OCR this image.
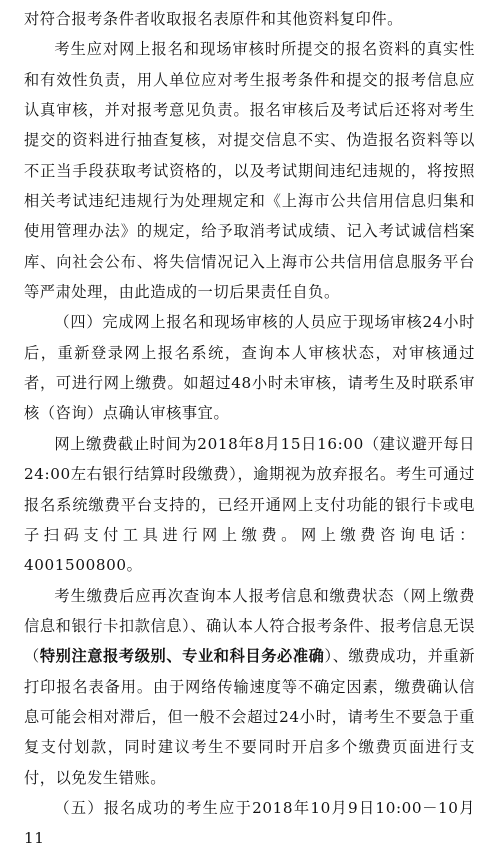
对符合报考条件者收取报名表原件和其他资料复印件。

考生应对网上报名和现场审核时所提交的报名资料的真实性和有效性负责，用人单位应对考生报考条件和提交的报考信息应认真审核，并对报考意见负责。报名审核后及考试后还将对考生提交的资料进行抽查复核，对提交信息不实、伪造报名资料等以不正当手段获取考试资格的，以及考试期间违纪违规的，将按照相关考试违纪违规行为处理规定和《上海市公共信用信息归集和使用管理办法》的规定，给予取消考试成绩、记入考试诚信档案库、向社会公布、将失信情况记入上海市公共信用信息服务平台等严肃处理，由此造成的一切后果责任自负。

（四）完成网上报名和现场审核的人员应于现场审核24小时后，重新登录网上报名系统，查询本人审核状态，对审核通过者，可进行网上缴费。如超过48小时未审核，请考生及时联系审核（咨询）点确认审核事宜。

网上缴费截止时间为2018年8月15日16:00（建议避开每日24:00左右银行结算时段缴费），逾期视为放弃报名。考生可通过报名系统缴费平台支持的，已经开通网上支付功能的银行卡或电子扫码支付工具进行网上缴费。网上缴费咨询电话：4001500800。

考生缴费后应再次查询本人报考信息和缴费状态（网上缴费信息和银行卡扣款信息）、确认本人符合报考条件、报考信息无误（特别注意报考级别、专业和科目务必准确）、缴费成功，并重新打印报名表备用。由于网络传输速度等不确定因素，缴费确认信息可能会相对滞后，但一般不会超过24小时，请考生不要急于重复支付划款，同时建议考生不要同时开启多个缴费页面进行支付，以免发生错账。

（五）报名成功的考生应于2018年10月9日10:00－10月11
